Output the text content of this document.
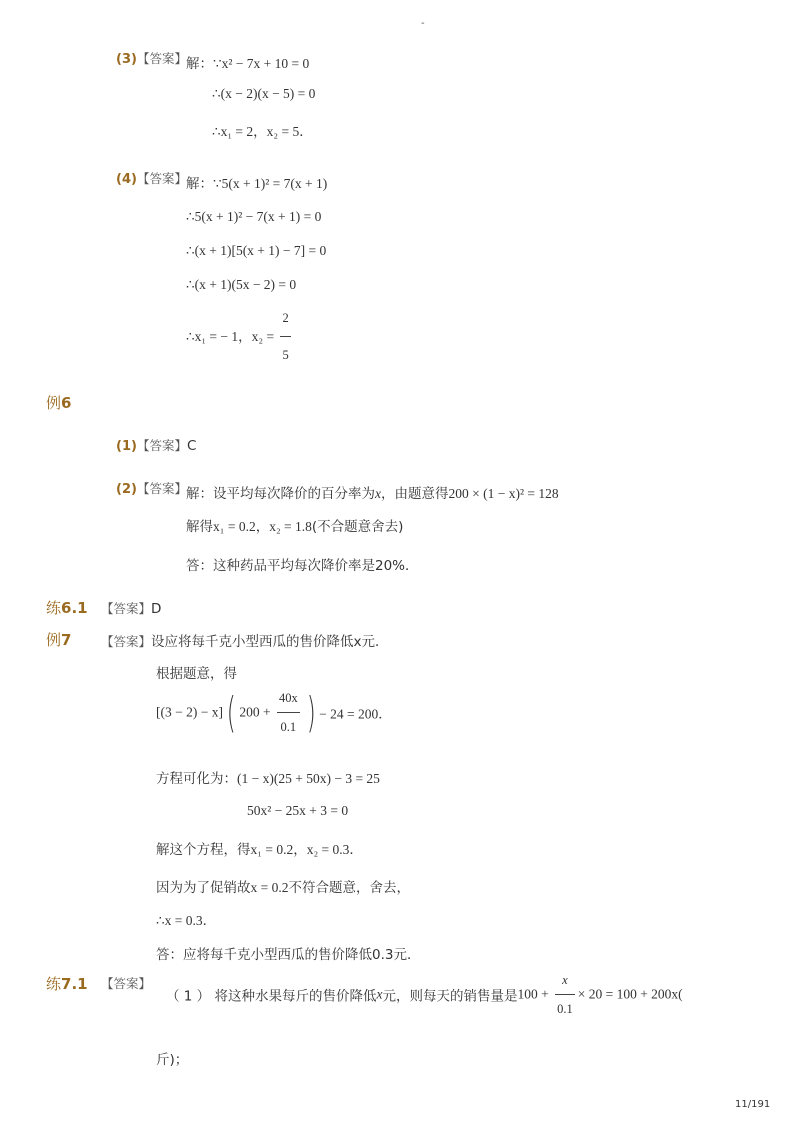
-
(3)【答案】 解：∵x² − 7x + 10 = 0
∴(x − 2)(x − 5) = 0
∴x₁ = 2，x₂ = 5．
(4)【答案】 解：∵5(x + 1)² = 7(x + 1)
∴5(x + 1)² − 7(x + 1) = 0
∴(x + 1)[5(x + 1) − 7] = 0
∴(x + 1)(5x − 2) = 0
∴x₁ = − 1，$x_2 = \frac{2}{5}$
例6
(1)【答案】C
(2)【答案】 解：设平均每次降价的百分率为x，由题意得200 × (1 − x)² = 128
解得x₁ = 0.2，x₂ = 1.8(不合题意舍去)
答：这种药品平均每次降价率是20%．
练6.1 【答案】D
例7 【答案】设应将每千克小型西瓜的售价降低x元．
根据题意，得
[(3 − 2) − x]( $200 + \frac{40x}{0.1}$ ) − 24 = 200．
方程可化为：(1 − x)(25 + 50x) − 3 = 25
50x² − 25x + 3 = 0
解这个方程，得x₁ = 0.2，x₂ = 0.3．
因为为了促销故x = 0.2不符合题意，舍去，
∴x = 0.3．
答：应将每千克小型西瓜的售价降低0.3元．
练7.1 【答案】
（ 1 ） 将这种水果每斤的售价降低x元，则每天的销售量是$100 + \frac{x}{0.1} \times 20 = 100 + 200x$(
斤)；
11/191
